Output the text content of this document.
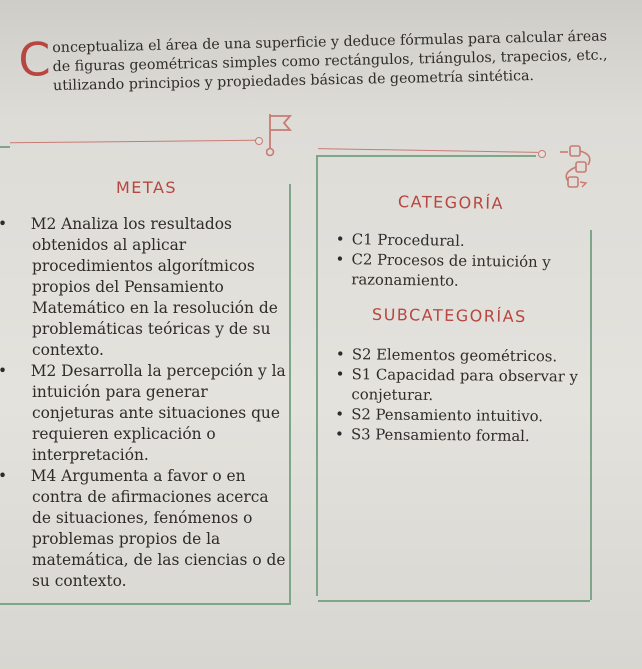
Conceptualiza el área de una superficie y deduce fórmulas para calcular áreas de figuras geométricas simples como rectángulos, triángulos, trapecios, etc., utilizando principios y propiedades básicas de geometría sintética.
METAS
CATEGORÍA
SUBCATEGORÍAS
M2 Analiza los resultados obtenidos al aplicar procedimientos algorítmicos propios del Pensamiento Matemático en la resolución de problemáticas teóricas y de su contexto.
M2 Desarrolla la percepción y la intuición para generar conjeturas ante situaciones que requieren explicación o interpretación.
M4 Argumenta a favor o en contra de afirmaciones acerca de situaciones, fenómenos o problemas propios de la matemática, de las ciencias o de su contexto.
• C1 Procedural.
• C2 Procesos de intuición y razonamiento.
• S2 Elementos geométricos.
• S1 Capacidad para observar y conjeturar.
• S2 Pensamiento intuitivo.
• S3 Pensamiento formal.
